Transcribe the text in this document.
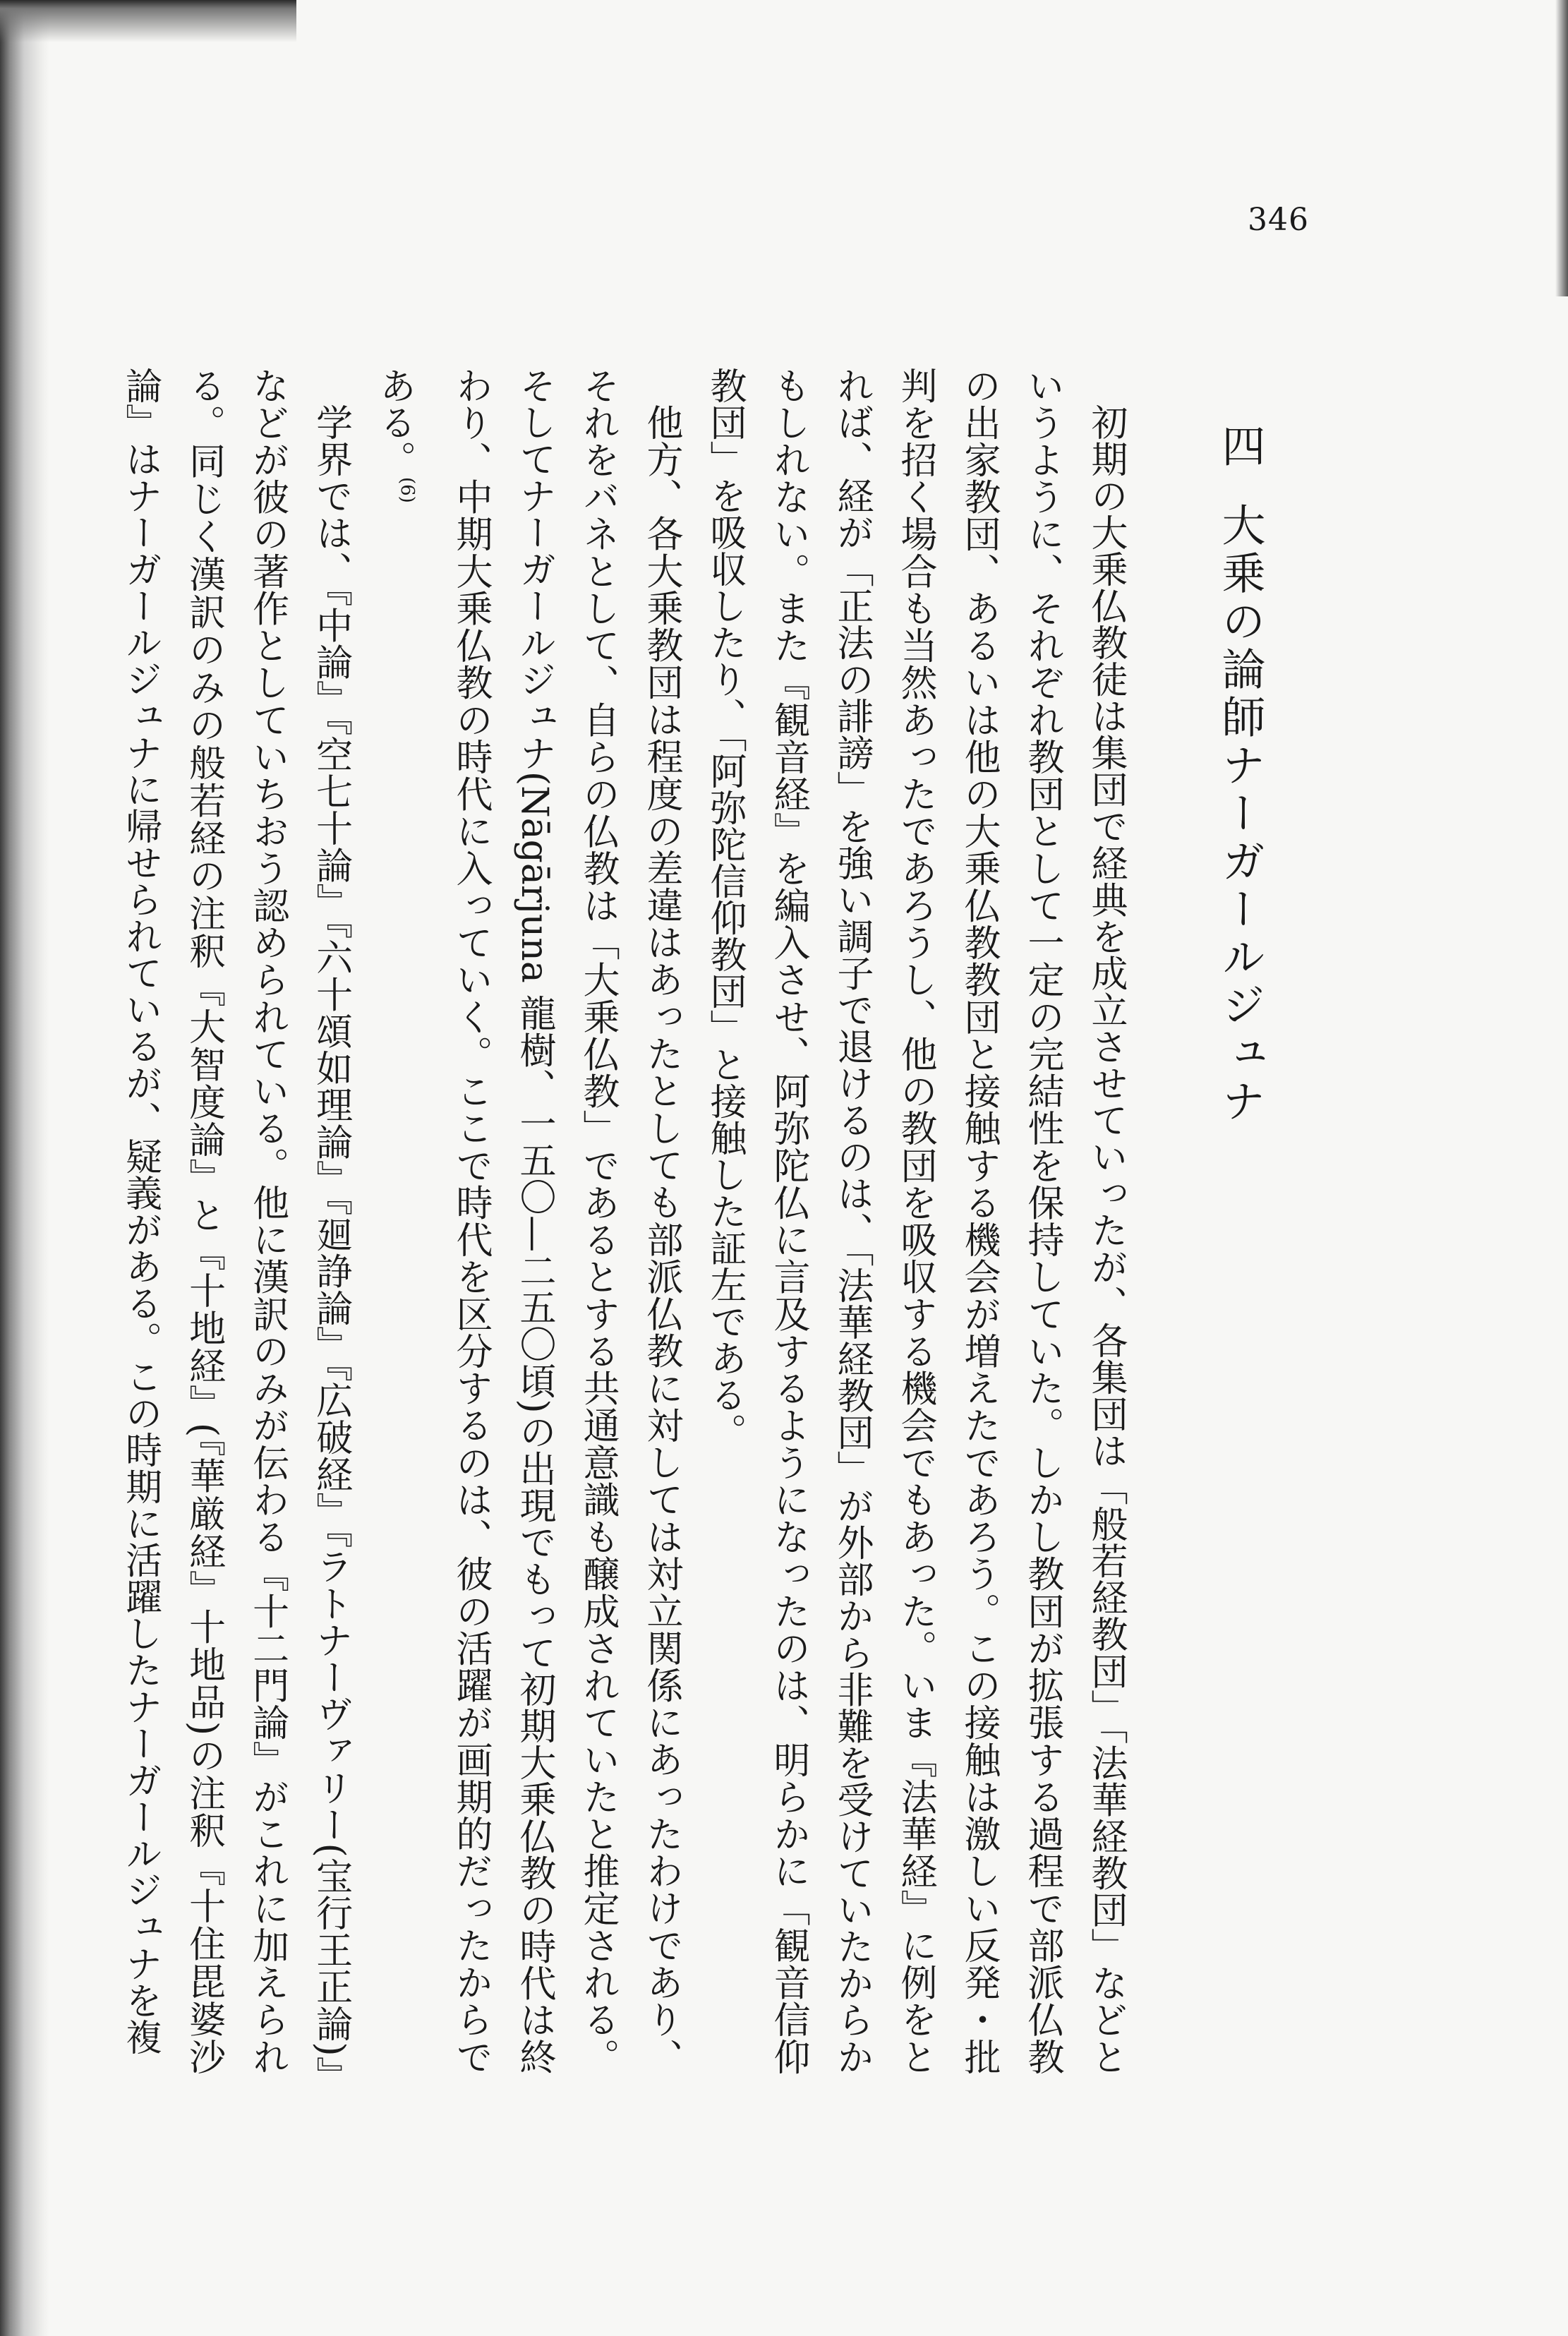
346
四大乗の論師ナーガールジュナ

初期の大乗仏教徒は集団で経典を成立させていったが、各集団は「般若経教団」「法華経教団」などというように、それぞれ教団として一定の完結性を保持していた。しかし教団が拡張する過程で部派仏教の出家教団、あるいは他の大乗仏教教団と接触する機会が増えたであろう。この接触は激しい反発・批判を招く場合も当然あったであろうし、他の教団を吸収する機会でもあった。いま『法華経』に例をとれば、経が「正法の誹謗」を強い調子で退けるのは、「法華経教団」が外部から非難を受けていたからかもしれない。また『観音経』を編入させ、阿弥陀仏に言及するようになったのは、明らかに「観音信仰教団」を吸収したり、「阿弥陀信仰教団」と接触した証左である。

他方、各大乗教団は程度の差違はあったとしても部派仏教に対しては対立関係にあったわけであり、それをバネとして、自らの仏教は「大乗仏教」であるとする共通意識も醸成されていたと推定される。そしてナーガールジュナ(Nāgārjuna 龍樹、一五〇—二五〇頃)の出現でもって初期大乗仏教の時代は終わり、中期大乗仏教の時代に入っていく。ここで時代を区分するのは、彼の活躍が画期的だったからである。$^{(6)}$

学界では、『中論』『空七十論』『六十頌如理論』『廻諍論』『広破経』『ラトナーヴァリー(宝行王正論)』などが彼の著作としていちおう認められている。他に漢訳のみが伝わる『十二門論』がこれに加えられる。同じく漢訳のみの般若経の注釈『大智度論』と『十地経』(『華厳経』十地品)の注釈『十住毘婆沙論』はナーガールジュナに帰せられているが、疑義がある。この時期に活躍したナーガールジュナを複
